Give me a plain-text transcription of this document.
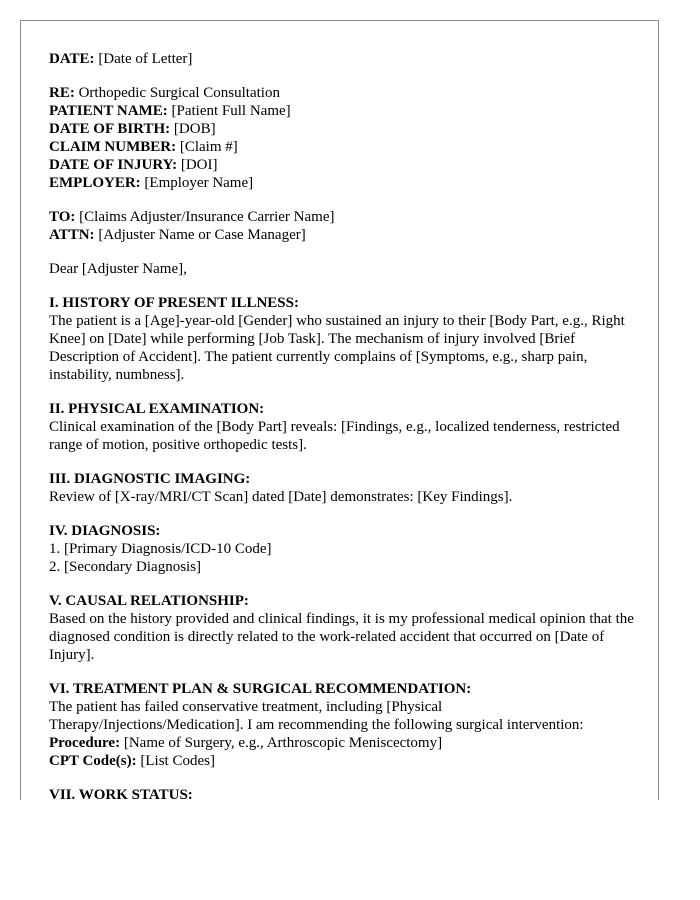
DATE: [Date of Letter]
RE: Orthopedic Surgical Consultation
PATIENT NAME: [Patient Full Name]
DATE OF BIRTH: [DOB]
CLAIM NUMBER: [Claim #]
DATE OF INJURY: [DOI]
EMPLOYER: [Employer Name]
TO: [Claims Adjuster/Insurance Carrier Name]
ATTN: [Adjuster Name or Case Manager]
Dear [Adjuster Name],
I. HISTORY OF PRESENT ILLNESS:

The patient is a [Age]-year-old [Gender] who sustained an injury to their [Body Part, e.g., Right Knee] on [Date] while performing [Job Task]. The mechanism of injury involved [Brief Description of Accident]. The patient currently complains of [Symptoms, e.g., sharp pain, instability, numbness].

II. PHYSICAL EXAMINATION:

Clinical examination of the [Body Part] reveals: [Findings, e.g., localized tenderness, restricted range of motion, positive orthopedic tests].

III. DIAGNOSTIC IMAGING:

Review of [X-ray/MRI/CT Scan] dated [Date] demonstrates: [Key Findings].

IV. DIAGNOSIS:
1. [Primary Diagnosis/ICD-10 Code]
2. [Secondary Diagnosis]
V. CAUSAL RELATIONSHIP:

Based on the history provided and clinical findings, it is my professional medical opinion that the diagnosed condition is directly related to the work-related accident that occurred on [Date of Injury].

VI. TREATMENT PLAN & SURGICAL RECOMMENDATION:

The patient has failed conservative treatment, including [Physical Therapy/Injections/Medication]. I am recommending the following surgical intervention:

Procedure: [Name of Surgery, e.g., Arthroscopic Meniscectomy]
CPT Code(s): [List Codes]
VII. WORK STATUS:
